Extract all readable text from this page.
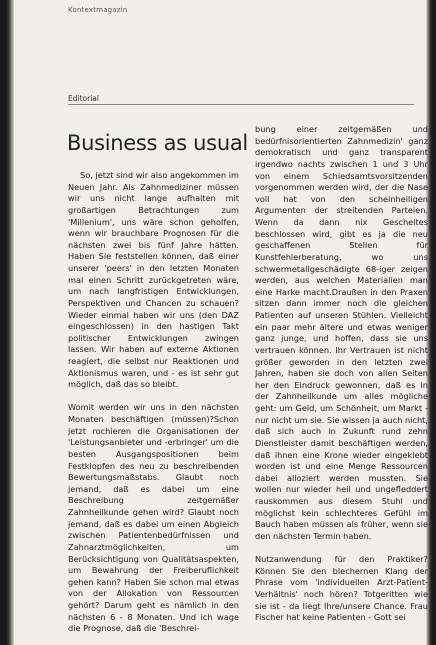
Kontextmagazin
Editorial
Business as usual

So, jetzt sind wir also angekommen im Neuen Jahr. Als Zahnmediziner müssen wir uns nicht lange aufhalten mit großartigen Betrachtungen zum 'Millenium', uns wäre schon geholfen, wenn wir brauchbare Prognosen für die nächsten zwei bis fünf Jahre hätten. Haben Sie feststellen können, daß einer unserer 'peers' in den letzten Monaten mal einen Schritt zurückgetreten wäre, um nach langfristigen Entwicklungen, Perspektiven und Chancen zu schauen? Wieder einmal haben wir uns (den DAZ eingeschlossen) in den hastigen Takt politischer Entwicklungen zwingen lassen. Wir haben auf externe Aktionen reagiert, die selbst nur Reaktionen und Aktionismus waren, und - es ist sehr gut möglich, daß das so bleibt.

Womit werden wir uns in den nächsten Monaten beschäftigen (müssen)?Schon jetzt rochieren die Organisationen der 'Leistungsanbieter und -erbringer' um die besten Ausgangspositionen beim Festklopfen des neu zu beschreibenden Bewertungsmaßstabs. Glaubt noch jemand, daß es dabei um eine Beschreibung zeitgemäßer Zahnheilkunde gehen wird? Glaubt noch jemand, daß es dabei um einen Abgleich zwischen Patientenbedürfnissen und Zahnarztmöglichkeiten, um Berücksichtigung von Qualitätsaspekten, um Bewahrung der Freiberuflichkeit gehen kann? Haben Sie schon mal etwas von der Allokation von Ressourcen gehört? Darum geht es nämlich in den nächsten 6 - 8 Monaten. Und ich wage die Prognose, daß die 'Beschrei-

bung einer zeitgemäßen und bedürfnisorientierten Zahnmedizin' ganz demokratisch und ganz transparent irgendwo nachts zwischen 1 und 3 Uhr von einem Schiedsamtsvorsitzenden vorgenommen werden wird, der die Nase voll hat von den scheinheiligen Argumenten der streitenden Parteien. Wenn da dann nix Gescheites beschlossen wird, gibt es ja die neu geschaffenen Stellen für Kunstfehlerberatung, wo uns schwermetallgeschädigte 68-iger zeigen werden, aus welchen Materialien man eine Harke macht.Draußen in den Praxen sitzen dann immer noch die gleichen Patienten auf unseren Stühlen. Vielleicht ein paar mehr ältere und etwas weniger ganz junge, und hoffen, dass sie uns vertrauen können. Ihr Vertrauen ist nicht größer geworden in den letzten zwei Jahren, haben sie doch von allen Seiten her den Eindruck gewonnen, daß es in der Zahnheilkunde um alles mögliche geht: um Geld, um Schönheit, um Markt - nur nicht um sie. Sie wissen ja auch nicht, daß sich auch in Zukunft rund zehn Dienstleister damit beschäftigen werden, daß ihnen eine Krone wieder eingeklebt worden ist und eine Menge Ressourcen dabei alloziert werden mussten. Sie wollen nur wieder heil und ungefleddert rauskommen aus diesem Stuhl und möglichst kein schlechteres Gefühl im Bauch haben müssen als früher, wenn sie den nächsten Termin haben.

Nutzanwendung für den Praktiker? Können Sie den blechernen Klang der Phrase vom 'individuellen Arzt-Patient-Verhältnis' noch hören? Totgeritten wie sie ist - da liegt Ihre/unsere Chance. Frau Fischer hat keine Patienten - Gott sei
